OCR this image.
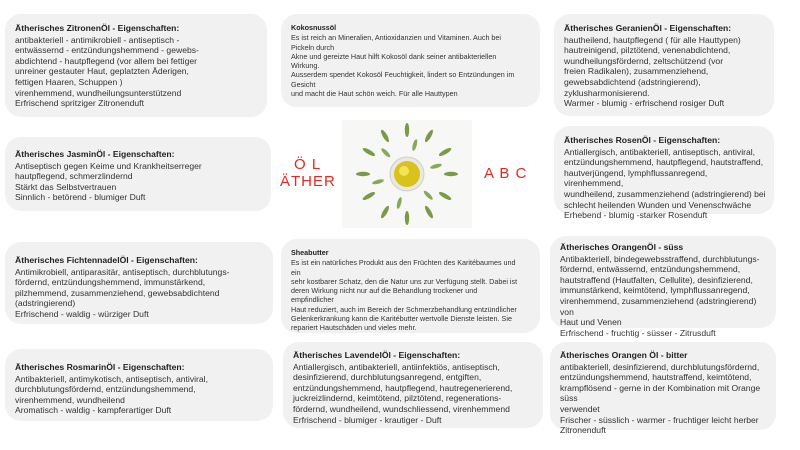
Ätherisches ZitronenÖl - Eigenschaften:
antibakteriell - antimikrobiell - antiseptisch -
entwässernd - entzündungshemmend - gewebs-
abdichtend - hautpflegend (vor allem bei fettiger
unreiner gestauter Haut, geplatzten Äderigen,
fettigen Haaren, Schuppen )
virenhemmend, wundheilungsunterstützend
Erfrischend spritziger Zitronenduft
Kokosnussöl
Es ist reich an Mineralien, Antioxidanzien und Vitaminen. Auch bei
Pickeln durch
Akne und gereizte Haut hilft Kokosöl dank seiner antibakteriellen
Wirkung.
Ausserdem spendet Kokosöl Feuchtigkeit, lindert so Entzündungen im
Gesicht
und macht die Haut schön weich. Für alle Hauttypen
Ätherisches GeranienÖl - Eigenschaften:
hautheilend, hautpflegend ( für alle Hauttypen)
hautreinigend, pilztötend, venenabdichtend,
wundheilungsfördernd, zeltschützend (vor
freien Radikalen), zusammenziehend,
gewebsabdichtend (adstringierend),
zyklusharmonisierend.
Warmer - blumig - erfrischend rosiger Duft
Ätherisches JasminÖl - Eigenschaften:
Antiseptisch gegen Keime und Krankheitserreger
hautpflegend, schmerzlindernd
Stärkt das Selbstvertrauen
Sinnlich - betörend - blumiger Duft
Ö L
ÄTHER	A B C
Ätherisches RosenÖl - Eigenschaften:
Antiallergisch, antibakteriell, antiseptisch, antiviral,
entzündungshemmend, hautpflegend, hautstraffend,
hautverjüngend, lymphflussanregend, virenhemmend,
wundheilend, zusammenziehend (adstringierend) bei
schlecht heilenden Wunden und Venenschwäche
Erhebend - blumig -starker Rosenduft
Ätherisches FichtennadelÖl - Eigenschaften:
Antimikrobiell, antiparasitär, antiseptisch, durchblutungs-
fördernd, entzündungshemmend, immunstärkend,
pilzhemmend, zusammenziehend, gewebsabdichtend
(adstringierend)
Erfrischend - waldig - würziger Duft
Sheabutter
Es ist ein natürliches Produkt aus den Früchten des Karitébaumes und
ein
sehr kostbarer Schatz, den die Natur uns zur Verfügung stellt. Dabei ist
deren Wirkung nicht nur auf die Behandlung trockener und
empfindlicher
Haut reduziert, auch im Bereich der Schmerzbehandlung entzündlicher
Gelenkerkrankung kann die Karitébutter wertvolle Dienste leisten. Sie
repariert Hautschäden und vieles mehr.
Ätherisches OrangenÖl - süss
Antibakteriell, bindegewebsstraffend, durchblutungs-
fördernd, entwässernd, entzündungshemmend,
hautstraffend (Hautfalten, Cellulite), desinfizierend,
immunstärkend, keimtötend, lymphflussanregend,
virenhemmend, zusammenziehend (adstringierend) von
Haut und Venen
Erfrischend - fruchtig - süsser - Zitrusduft
Ätherisches RosmarinÖl - Eigenschaften:
Antibakteriell, antimykotisch, antiseptisch, antiviral,
durchblutungsfördernd, entzündungshemmend,
virenhemmend, wundheilend
Aromatisch - waldig - kampferartiger Duft
Ätherisches LavendelÖl - Eigenschaften:
Antiallergisch, antibakteriell, antiinfektiös, antiseptisch,
desinfizierend, durchblutungsanregend, entgiften,
entzündungshemmend, hautpflegend, hautregenerierend,
juckreizlindernd, keimtötend, pilztötend, regenerations-
fördernd, wundheilend, wundschliessend, virenhemmend
Erfrischend - blumiger - krautiger - Duft
Ätherisches Orangen Öl - bitter
antibakteriell, desinfizierend, durchblutungsfördernd,
entzündungshemmend, hautstraffend, keimtötend,
krampflösend - gerne in der Kombination mit Orange süss
verwendet
Frischer - süsslich - warmer - fruchtiger leicht herber
Zitronenduft
